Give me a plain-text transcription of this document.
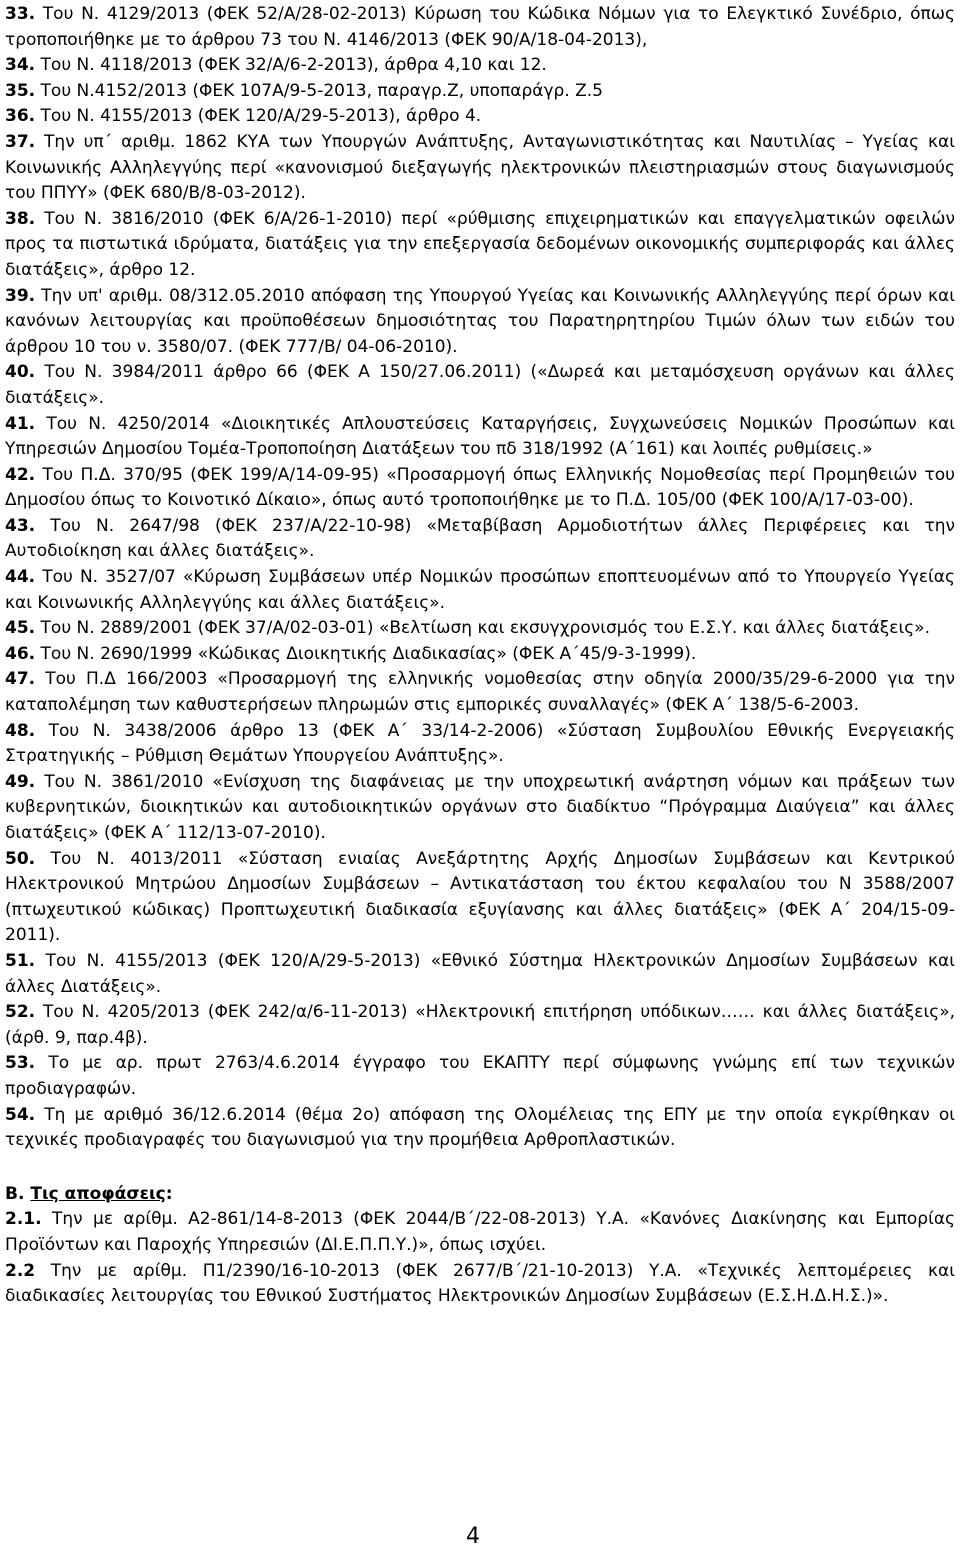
33. Του Ν. 4129/2013 (ΦΕΚ 52/Α/28-02-2013) Κύρωση του Κώδικα Νόμων για το Ελεγκτικό Συνέδριο, όπως τροποποιήθηκε με το άρθρου 73 του Ν. 4146/2013 (ΦΕΚ 90/Α/18-04-2013),

34. Του Ν. 4118/2013 (ΦΕΚ 32/Α/6-2-2013), άρθρα 4,10 και 12.

35. Του Ν.4152/2013 (ΦΕΚ 107Α/9-5-2013, παραγρ.Ζ, υποπαράγρ. Ζ.5

36. Του Ν. 4155/2013 (ΦΕΚ 120/Α/29-5-2013), άρθρο 4.

37. Την υπ΄ αριθμ. 1862 ΚΥΑ των Υπουργών Ανάπτυξης, Ανταγωνιστικότητας και Ναυτιλίας – Υγείας και Κοινωνικής Αλληλεγγύης περί «κανονισμού διεξαγωγής ηλεκτρονικών πλειστηριασμών στους διαγωνισμούς του ΠΠΥΥ» (ΦΕΚ 680/Β/8-03-2012).

38. Του Ν. 3816/2010 (ΦΕΚ 6/Α/26-1-2010) περί «ρύθμισης επιχειρηματικών και επαγγελματικών οφειλών προς τα πιστωτικά ιδρύματα, διατάξεις για την επεξεργασία δεδομένων οικονομικής συμπεριφοράς και άλλες διατάξεις», άρθρο 12.

39. Την υπ' αριθμ. 08/312.05.2010 απόφαση της Υπουργού Υγείας και Κοινωνικής Αλληλεγγύης περί όρων και κανόνων λειτουργίας και προϋποθέσεων δημοσιότητας του Παρατηρητηρίου Τιμών όλων των ειδών του άρθρου 10 του ν. 3580/07. (ΦΕΚ 777/Β/ 04-06-2010).

40. Του Ν. 3984/2011 άρθρο 66 (ΦΕΚ Α 150/27.06.2011) («Δωρεά και μεταμόσχευση οργάνων και άλλες διατάξεις».

41. Του Ν. 4250/2014 «Διοικητικές Απλουστεύσεις Καταργήσεις, Συγχωνεύσεις Νομικών Προσώπων και Υπηρεσιών Δημοσίου Τομέα-Τροποποίηση Διατάξεων του πδ 318/1992 (Α΄161) και λοιπές ρυθμίσεις.»

42. Του Π.Δ. 370/95 (ΦΕΚ 199/Α/14-09-95) «Προσαρμογή όπως Ελληνικής Νομοθεσίας περί Προμηθειών του Δημοσίου όπως το Κοινοτικό Δίκαιο», όπως αυτό τροποποιήθηκε με το Π.Δ. 105/00 (ΦΕΚ 100/Α/17-03-00).

43. Του Ν. 2647/98 (ΦΕΚ 237/Α/22-10-98) «Μεταβίβαση Αρμοδιοτήτων άλλες Περιφέρειες και την Αυτοδιοίκηση και άλλες διατάξεις».

44. Του Ν. 3527/07 «Κύρωση Συμβάσεων υπέρ Νομικών προσώπων εποπτευομένων από το Υπουργείο Υγείας και Κοινωνικής Αλληλεγγύης και άλλες διατάξεις».

45. Του Ν. 2889/2001 (ΦΕΚ 37/Α/02-03-01) «Βελτίωση και εκσυγχρονισμός του Ε.Σ.Υ. και άλλες διατάξεις».

46. Του Ν. 2690/1999 «Κώδικας Διοικητικής Διαδικασίας» (ΦΕΚ Α΄45/9-3-1999).

47. Του Π.Δ 166/2003 «Προσαρμογή της ελληνικής νομοθεσίας στην οδηγία 2000/35/29-6-2000 για την καταπολέμηση των καθυστερήσεων πληρωμών στις εμπορικές συναλλαγές» (ΦΕΚ Α΄ 138/5-6-2003.

48. Του Ν. 3438/2006 άρθρο 13 (ΦΕΚ Α΄ 33/14-2-2006) «Σύσταση Συμβουλίου Εθνικής Ενεργειακής Στρατηγικής – Ρύθμιση Θεμάτων Υπουργείου Ανάπτυξης».

49. Του Ν. 3861/2010 «Ενίσχυση της διαφάνειας με την υποχρεωτική ανάρτηση νόμων και πράξεων των κυβερνητικών, διοικητικών και αυτοδιοικητικών οργάνων στο διαδίκτυο “Πρόγραμμα Διαύγεια” και άλλες διατάξεις» (ΦΕΚ Α΄ 112/13-07-2010).

50. Του Ν. 4013/2011 «Σύσταση ενιαίας Ανεξάρτητης Αρχής Δημοσίων Συμβάσεων και Κεντρικού Ηλεκτρονικού Μητρώου Δημοσίων Συμβάσεων – Αντικατάσταση του έκτου κεφαλαίου του Ν 3588/2007 (πτωχευτικού κώδικας) Προπτωχευτική διαδικασία εξυγίανσης και άλλες διατάξεις» (ΦΕΚ Α΄ 204/15-09-2011).

51. Του Ν. 4155/2013 (ΦΕΚ 120/Α/29-5-2013) «Εθνικό Σύστημα Ηλεκτρονικών Δημοσίων Συμβάσεων και άλλες Διατάξεις».

52. Του Ν. 4205/2013 (ΦΕΚ 242/α/6-11-2013) «Ηλεκτρονική επιτήρηση υπόδικων…… και άλλες διατάξεις», (άρθ. 9, παρ.4β).

53. Το με αρ. πρωτ 2763/4.6.2014 έγγραφο του ΕΚΑΠΤΥ περί σύμφωνης γνώμης επί των τεχνικών προδιαγραφών.

54. Τη με αριθμό 36/12.6.2014 (θέμα 2ο) απόφαση της Ολομέλειας της ΕΠΥ με την οποία εγκρίθηκαν οι τεχνικές προδιαγραφές του διαγωνισμού για την προμήθεια Αρθροπλαστικών.

Β. Τις αποφάσεις:

2.1. Την με αρίθμ. Α2-861/14-8-2013 (ΦΕΚ 2044/Β΄/22-08-2013) Υ.Α. «Κανόνες Διακίνησης και Εμπορίας Προϊόντων και Παροχής Υπηρεσιών (ΔΙ.Ε.Π.Π.Υ.)», όπως ισχύει.

2.2 Την με αρίθμ. Π1/2390/16-10-2013 (ΦΕΚ 2677/Β΄/21-10-2013) Υ.Α. «Τεχνικές λεπτομέρειες και διαδικασίες λειτουργίας του Εθνικού Συστήματος Ηλεκτρονικών Δημοσίων Συμβάσεων (Ε.Σ.Η.Δ.Η.Σ.)».

4
